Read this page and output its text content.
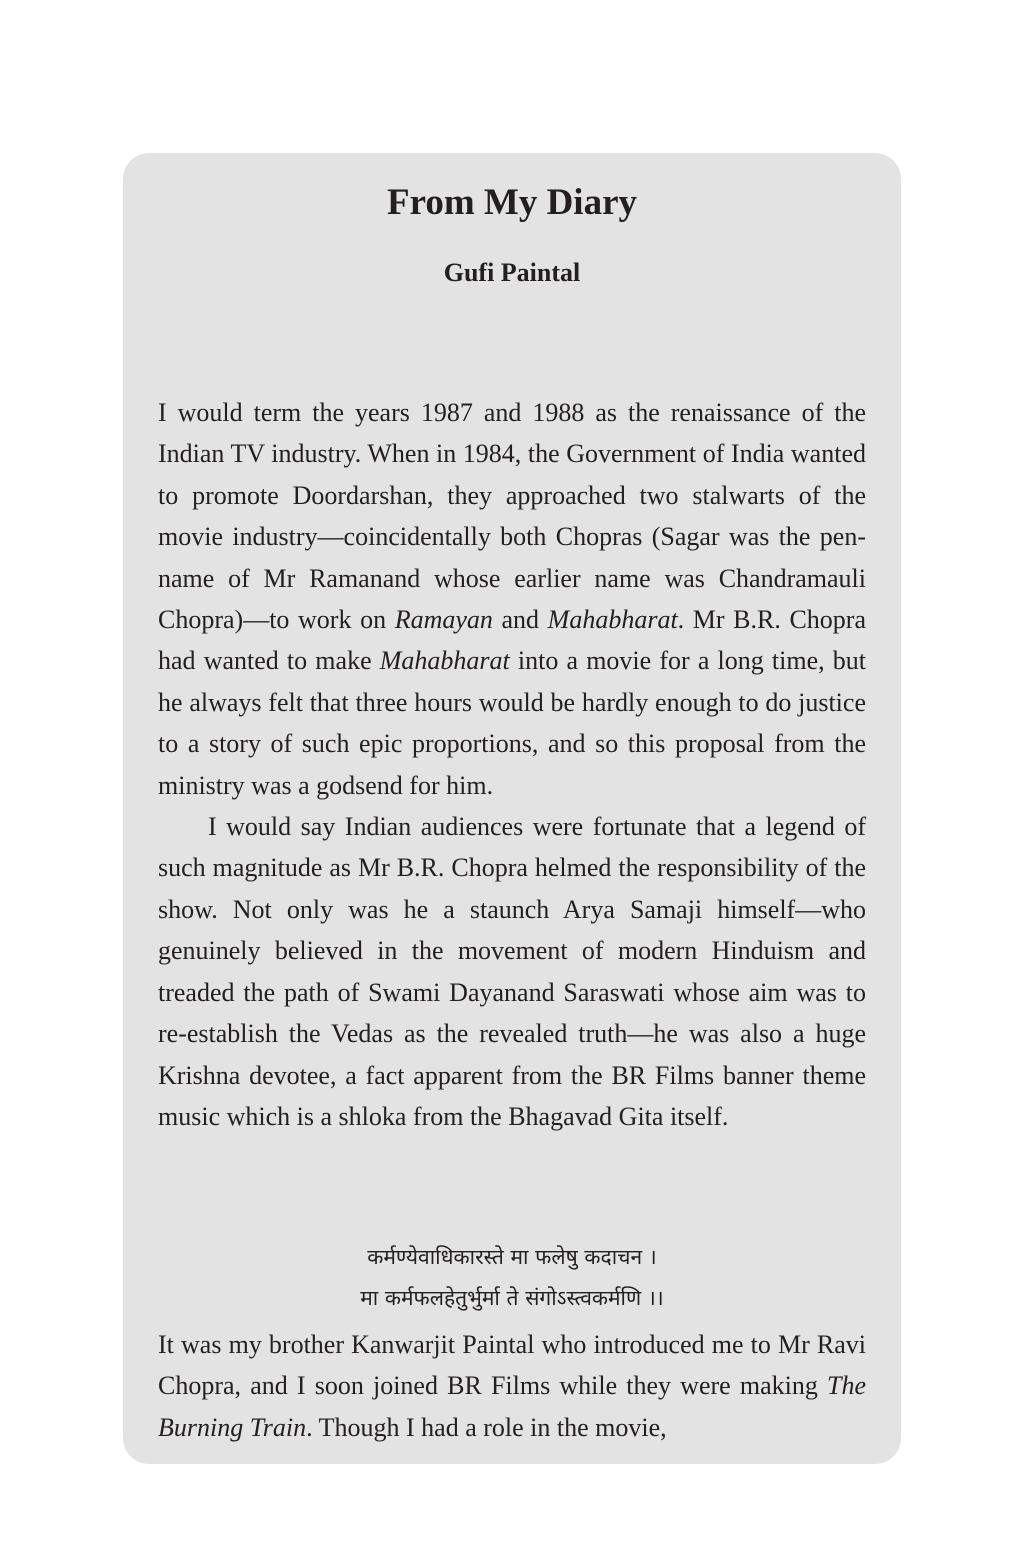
From My Diary
Gufi Paintal

I would term the years 1987 and 1988 as the renaissance of the Indian TV industry. When in 1984, the Government of India wanted to promote Doordarshan, they approached two stalwarts of the movie industry—coincidentally both Chopras (Sagar was the pen-name of Mr Ramanand whose earlier name was Chandramauli Chopra)—to work on Ramayan and Mahabharat. Mr B.R. Chopra had wanted to make Mahabharat into a movie for a long time, but he always felt that three hours would be hardly enough to do justice to a story of such epic proportions, and so this proposal from the ministry was a godsend for him.

I would say Indian audiences were fortunate that a legend of such magnitude as Mr B.R. Chopra helmed the responsibility of the show. Not only was he a staunch Arya Samaji himself—who genuinely believed in the movement of modern Hinduism and treaded the path of Swami Dayanand Saraswati whose aim was to re-establish the Vedas as the revealed truth—he was also a huge Krishna devotee, a fact apparent from the BR Films banner theme music which is a shloka from the Bhagavad Gita itself.

कर्मण्येवाधिकारस्ते मा फलेषु कदाचन ।
मा कर्मफलहेतुर्भुर्मा ते संगोऽस्त्वकर्मणि ।।

It was my brother Kanwarjit Paintal who introduced me to Mr Ravi Chopra, and I soon joined BR Films while they were making The Burning Train. Though I had a role in the movie,
